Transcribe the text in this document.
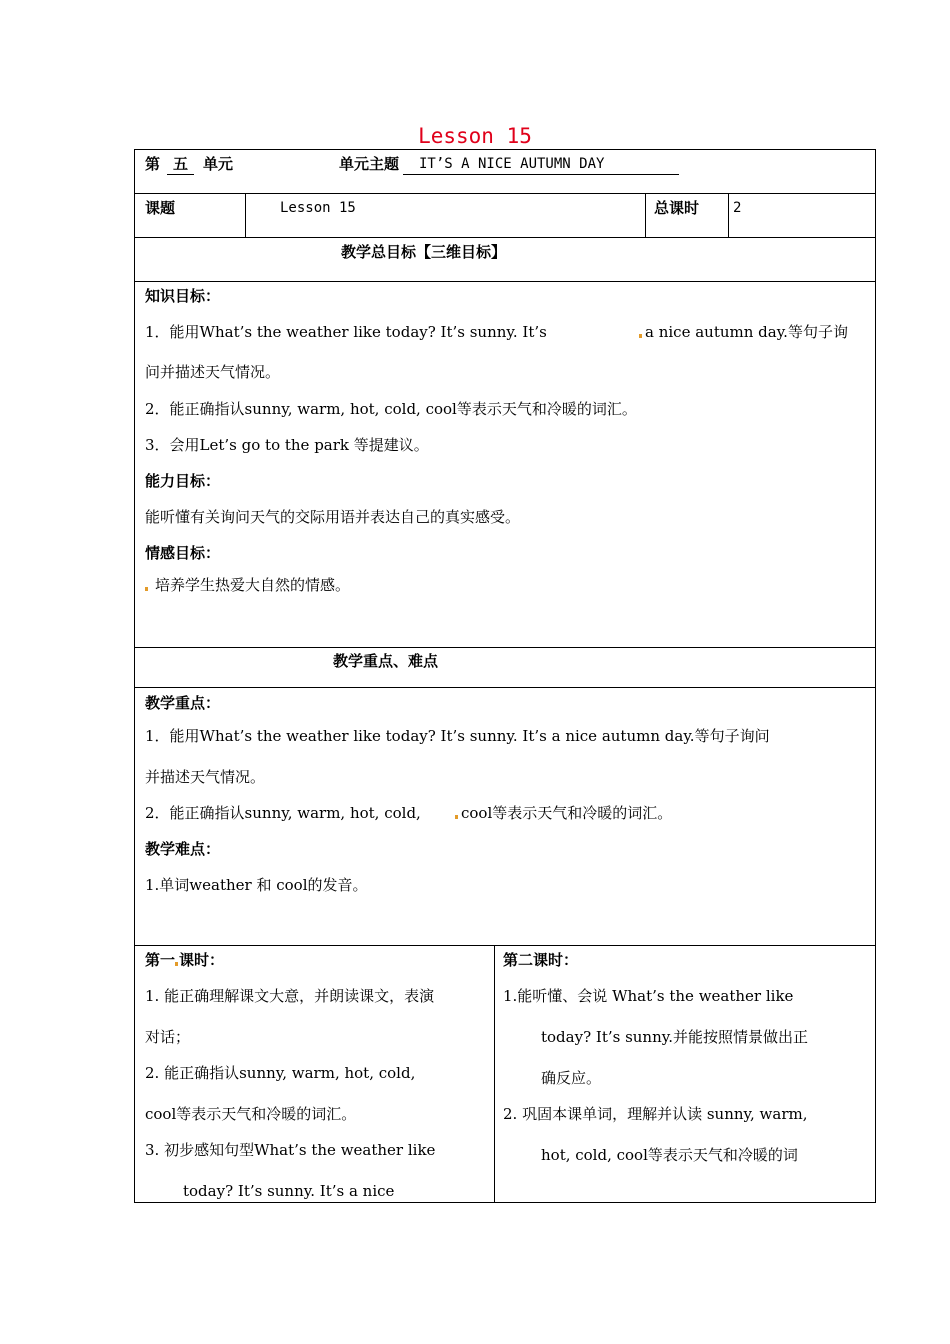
Lesson 15
第 五 单元	单元主题	IT’S A NICE AUTUMN DAY
课题	Lesson 15	总课时 2
教学总目标【三维目标】
知识目标：
1．能用What’s the weather like today? It’s sunny. It’s	a nice autumn day.等句子询
问并描述天气情况。
2．能正确指认sunny, warm, hot, cold, cool等表示天气和冷暖的词汇。
3．会用Let’s go to the park 等提建议。
能力目标：
能听懂有关询问天气的交际用语并表达自己的真实感受。
情感目标：
培养学生热爱大自然的情感。
教学重点、难点
教学重点：
1．能用What’s the weather like today? It’s sunny. It’s a nice autumn day.等句子询问
并描述天气情况。
2．能正确指认sunny, warm, hot, cold,	cool等表示天气和冷暖的词汇。
教学难点：
1.单词weather 和 cool的发音。
第一 课时：
1. 能正确理解课文大意，并朗读课文，表演
对话；
2. 能正确指认sunny, warm, hot, cold,
cool等表示天气和冷暖的词汇。
3. 初步感知句型What’s the weather like
today? It’s sunny. It’s a nice
第二课时：
1.能听懂、会说 What’s the weather like
today? It’s sunny.并能按照情景做出正
确反应。
2. 巩固本课单词，理解并认读 sunny, warm,
hot, cold, cool等表示天气和冷暖的词
